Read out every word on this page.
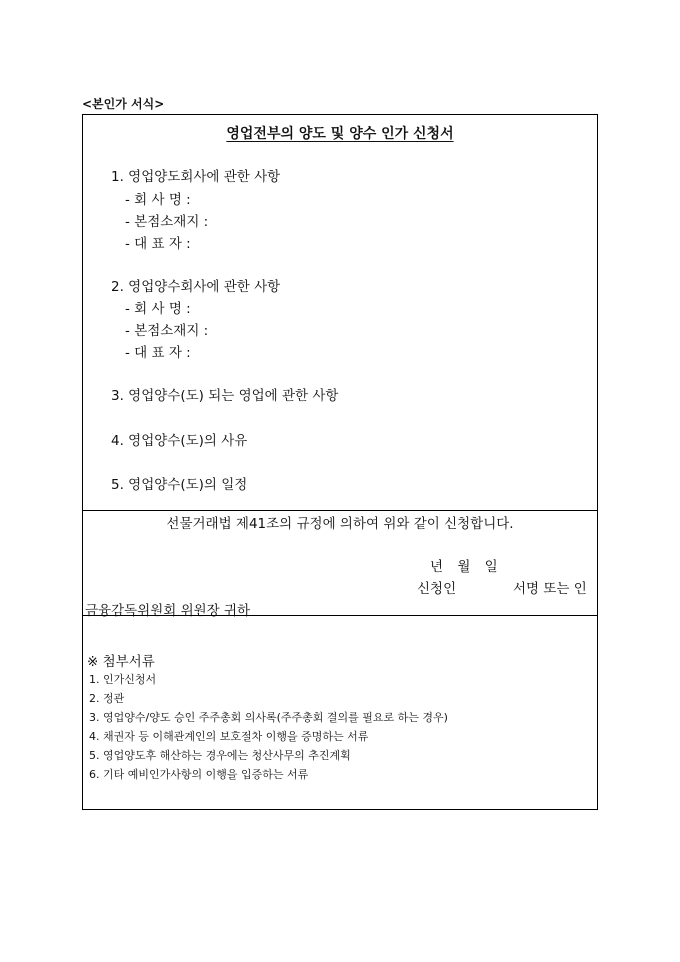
<본인가 서식>
영업전부의 양도 및 양수 인가 신청서
1. 영업양도회사에 관한 사항
- 회 사 명 :
- 본점소재지 :
- 대 표 자 :
2. 영업양수회사에 관한 사항
- 회 사 명 :
- 본점소재지 :
- 대 표 자 :
3. 영업양수(도) 되는 영업에 관한 사항
4. 영업양수(도)의 사유
5. 영업양수(도)의 일정
선물거래법 제41조의 규정에 의하여 위와 같이 신청합니다.
년 월 일
신청인	서명 또는 인
금융감독위원회 위원장 귀하
※ 첨부서류
1. 인가신청서
2. 정관
3. 영업양수/양도 승인 주주총회 의사록(주주총회 결의를 필요로 하는 경우)
4. 채권자 등 이해관계인의 보호절차 이행을 증명하는 서류
5. 영업양도후 해산하는 경우에는 청산사무의 추진계획
6. 기타 예비인가사항의 이행을 입증하는 서류
